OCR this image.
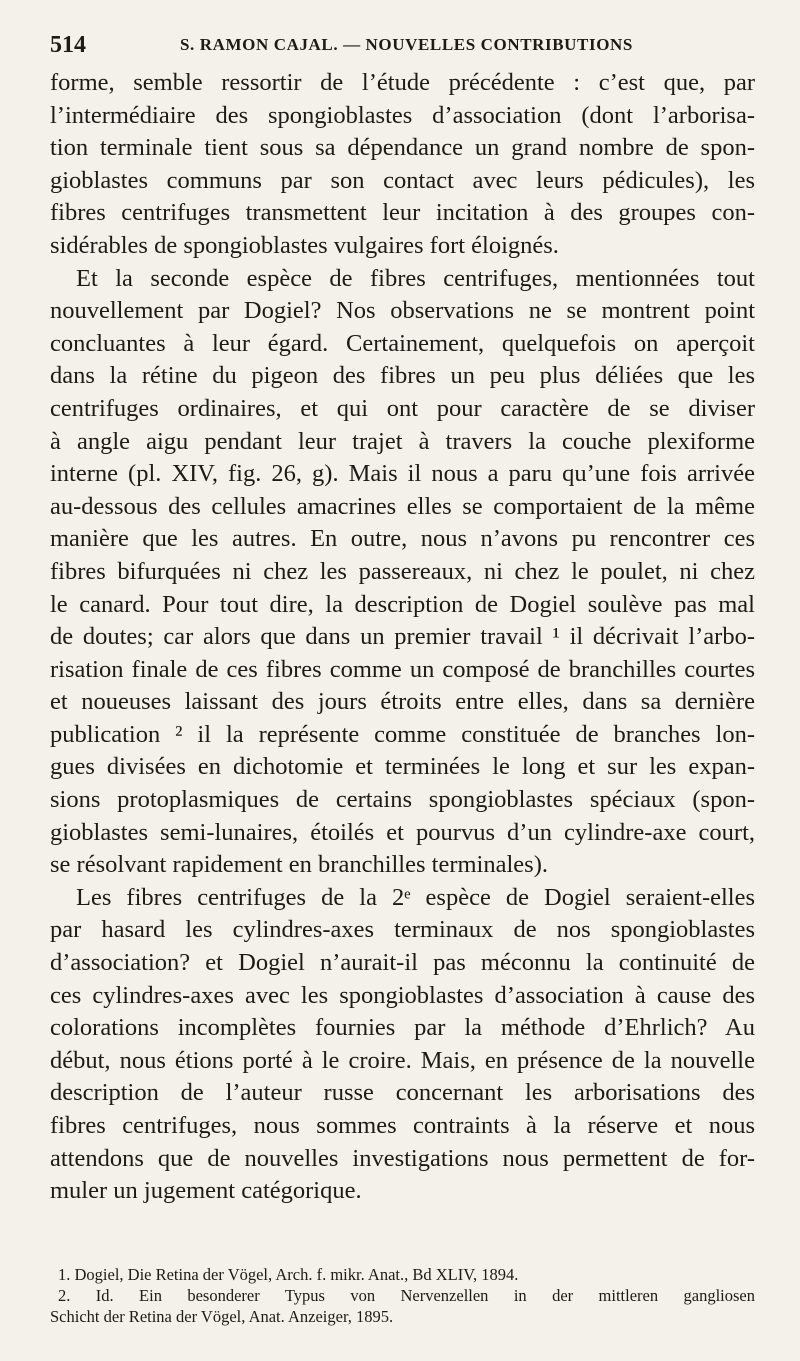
514	S. RAMON CAJAL. — NOUVELLES CONTRIBUTIONS
forme, semble ressortir de l’étude précédente : c’est que, par
l’intermédiaire des spongioblastes d’association (dont l’arborisa-
tion terminale tient sous sa dépendance un grand nombre de spon-
gioblastes communs par son contact avec leurs pédicules), les
fibres centrifuges transmettent leur incitation à des groupes con-
sidérables de spongioblastes vulgaires fort éloignés.
Et la seconde espèce de fibres centrifuges, mentionnées tout
nouvellement par Dogiel? Nos observations ne se montrent point
concluantes à leur égard. Certainement, quelquefois on aperçoit
dans la rétine du pigeon des fibres un peu plus déliées que les
centrifuges ordinaires, et qui ont pour caractère de se diviser
à angle aigu pendant leur trajet à travers la couche plexiforme
interne (pl. XIV, fig. 26, g). Mais il nous a paru qu’une fois arrivée
au-dessous des cellules amacrines elles se comportaient de la même
manière que les autres. En outre, nous n’avons pu rencontrer ces
fibres bifurquées ni chez les passereaux, ni chez le poulet, ni chez
le canard. Pour tout dire, la description de Dogiel soulève pas mal
de doutes; car alors que dans un premier travail ¹ il décrivait l’arbo-
risation finale de ces fibres comme un composé de branchilles courtes
et noueuses laissant des jours étroits entre elles, dans sa dernière
publication ² il la représente comme constituée de branches lon-
gues divisées en dichotomie et terminées le long et sur les expan-
sions protoplasmiques de certains spongioblastes spéciaux (spon-
gioblastes semi-lunaires, étoilés et pourvus d’un cylindre-axe court,
se résolvant rapidement en branchilles terminales).
Les fibres centrifuges de la 2ᵉ espèce de Dogiel seraient-elles
par hasard les cylindres-axes terminaux de nos spongioblastes
d’association? et Dogiel n’aurait-il pas méconnu la continuité de
ces cylindres-axes avec les spongioblastes d’association à cause des
colorations incomplètes fournies par la méthode d’Ehrlich? Au
début, nous étions porté à le croire. Mais, en présence de la nouvelle
description de l’auteur russe concernant les arborisations des
fibres centrifuges, nous sommes contraints à la réserve et nous
attendons que de nouvelles investigations nous permettent de for-
muler un jugement catégorique.
1. Dogiel, Die Retina der Vögel, Arch. f. mikr. Anat., Bd XLIV, 1894.
2. Id. Ein besonderer Typus von Nervenzellen in der mittleren gangliosen
Schicht der Retina der Vögel, Anat. Anzeiger, 1895.
